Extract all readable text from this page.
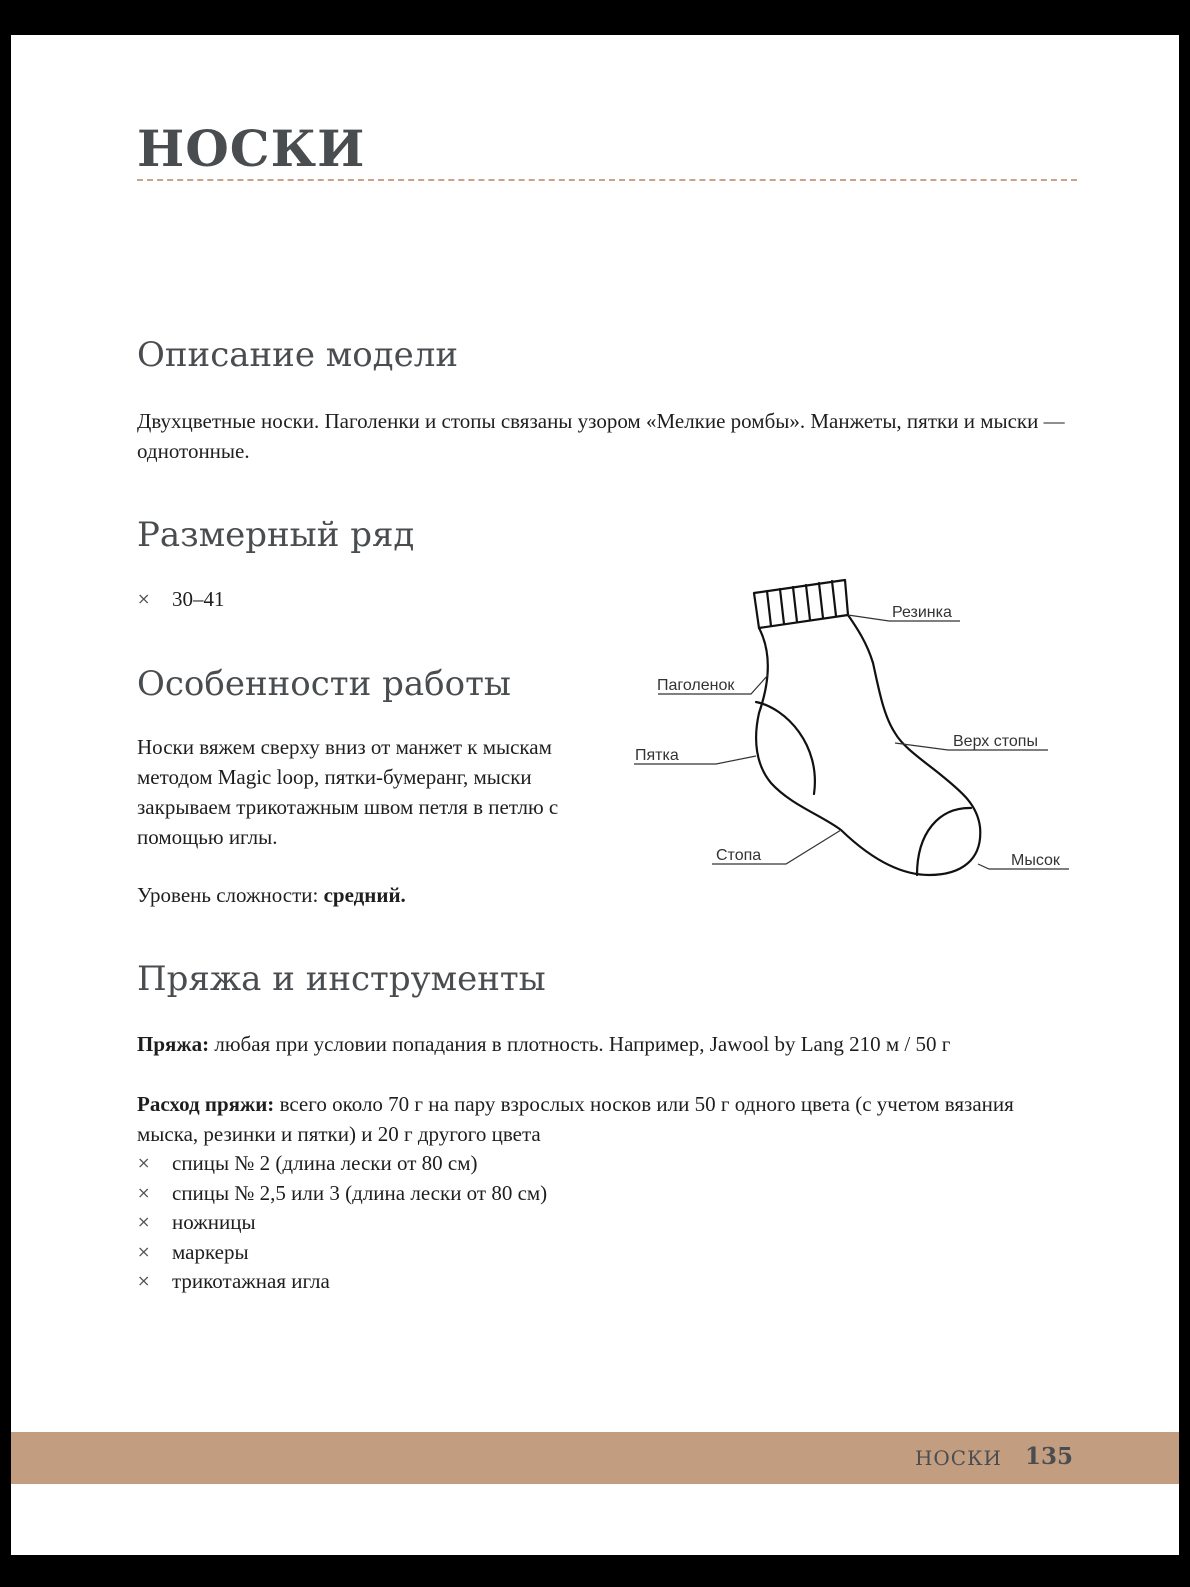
НОСКИ
Описание модели

Двухцветные носки. Паголенки и стопы связаны узором «Мелкие ромбы». Манжеты, пятки и мыски — однотонные.

Размерный ряд
⨯ 30–41
Особенности работы

Носки вяжем сверху вниз от манжет к мыскам методом Magic loop, пятки-бумеранг, мыски закрываем трикотажным швом петля в петлю с помощью иглы.

Уровень сложности: средний.

Резинка
Паголенок
Пятка
Верх стопы
Стопа	Мысок
Пряжа и инструменты

Пряжа: любая при условии попадания в плотность. Например, Jawool by Lang 210 м / 50 г

Расход пряжи: всего около 70 г на пару взрослых носков или 50 г одного цвета (с учетом вязания мыска, резинки и пятки) и 20 г другого цвета

⨯ спицы № 2 (длина лески от 80 см)
⨯ спицы № 2,5 или 3 (длина лески от 80 см)
⨯ ножницы
⨯ маркеры
⨯ трикотажная игла
НОСКИ 135
